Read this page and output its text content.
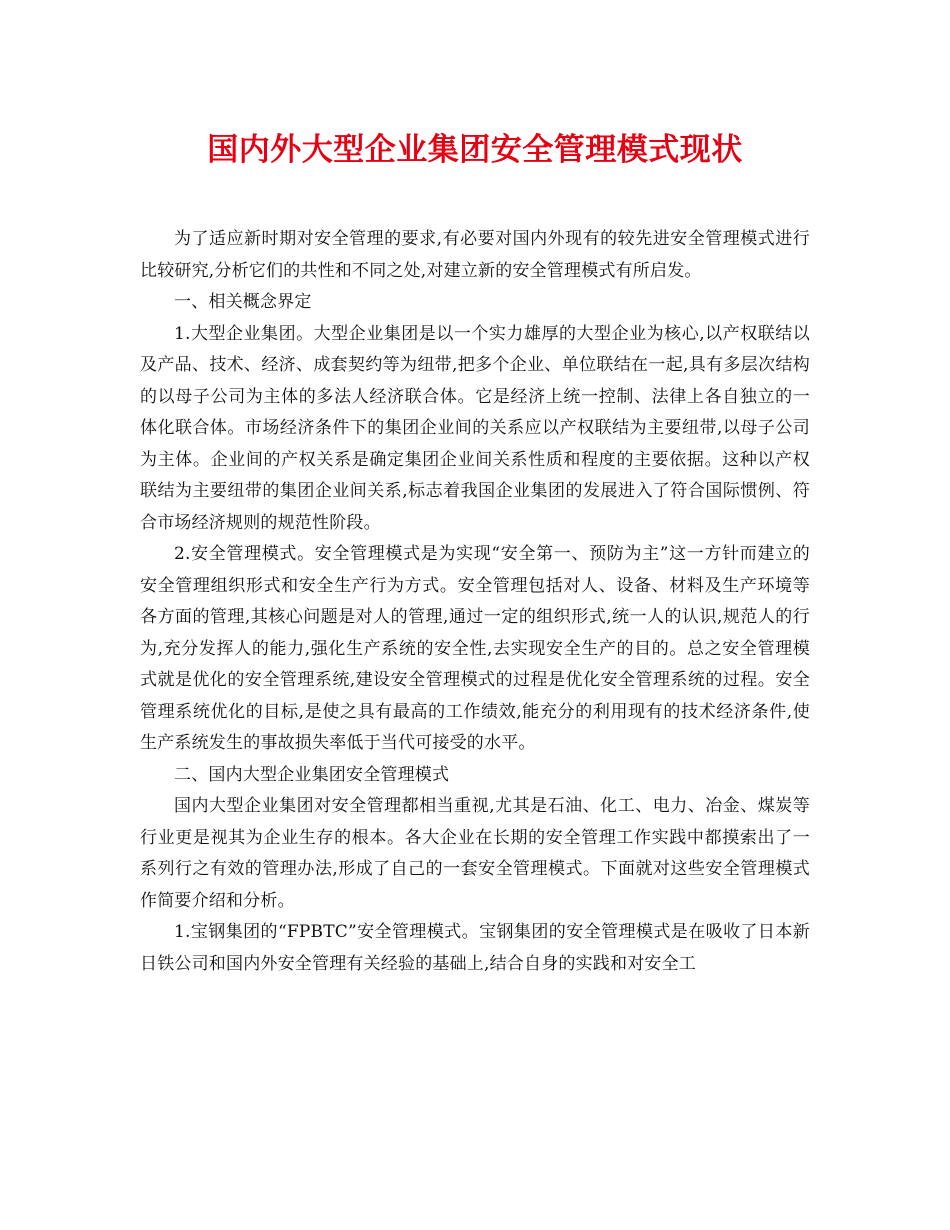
国内外大型企业集团安全管理模式现状

为了适应新时期对安全管理的要求,有必要对国内外现有的较先进安全管理模式进行比较研究,分析它们的共性和不同之处,对建立新的安全管理模式有所启发。

一、相关概念界定

1.大型企业集团。大型企业集团是以一个实力雄厚的大型企业为核心,以产权联结以及产品、技术、经济、成套契约等为纽带,把多个企业、单位联结在一起,具有多层次结构的以母子公司为主体的多法人经济联合体。它是经济上统一控制、法律上各自独立的一体化联合体。市场经济条件下的集团企业间的关系应以产权联结为主要纽带,以母子公司为主体。企业间的产权关系是确定集团企业间关系性质和程度的主要依据。这种以产权联结为主要纽带的集团企业间关系,标志着我国企业集团的发展进入了符合国际惯例、符合市场经济规则的规范性阶段。

2.安全管理模式。安全管理模式是为实现“安全第一、预防为主”这一方针而建立的安全管理组织形式和安全生产行为方式。安全管理包括对人、设备、材料及生产环境等各方面的管理,其核心问题是对人的管理,通过一定的组织形式,统一人的认识,规范人的行为,充分发挥人的能力,强化生产系统的安全性,去实现安全生产的目的。总之安全管理模式就是优化的安全管理系统,建设安全管理模式的过程是优化安全管理系统的过程。安全管理系统优化的目标,是使之具有最高的工作绩效,能充分的利用现有的技术经济条件,使生产系统发生的事故损失率低于当代可接受的水平。

二、国内大型企业集团安全管理模式

国内大型企业集团对安全管理都相当重视,尤其是石油、化工、电力、冶金、煤炭等行业更是视其为企业生存的根本。各大企业在长期的安全管理工作实践中都摸索出了一系列行之有效的管理办法,形成了自己的一套安全管理模式。下面就对这些安全管理模式作简要介绍和分析。

1.宝钢集团的“FPBTC”安全管理模式。宝钢集团的安全管理模式是在吸收了日本新日铁公司和国内外安全管理有关经验的基础上,结合自身的实践和对安全工
